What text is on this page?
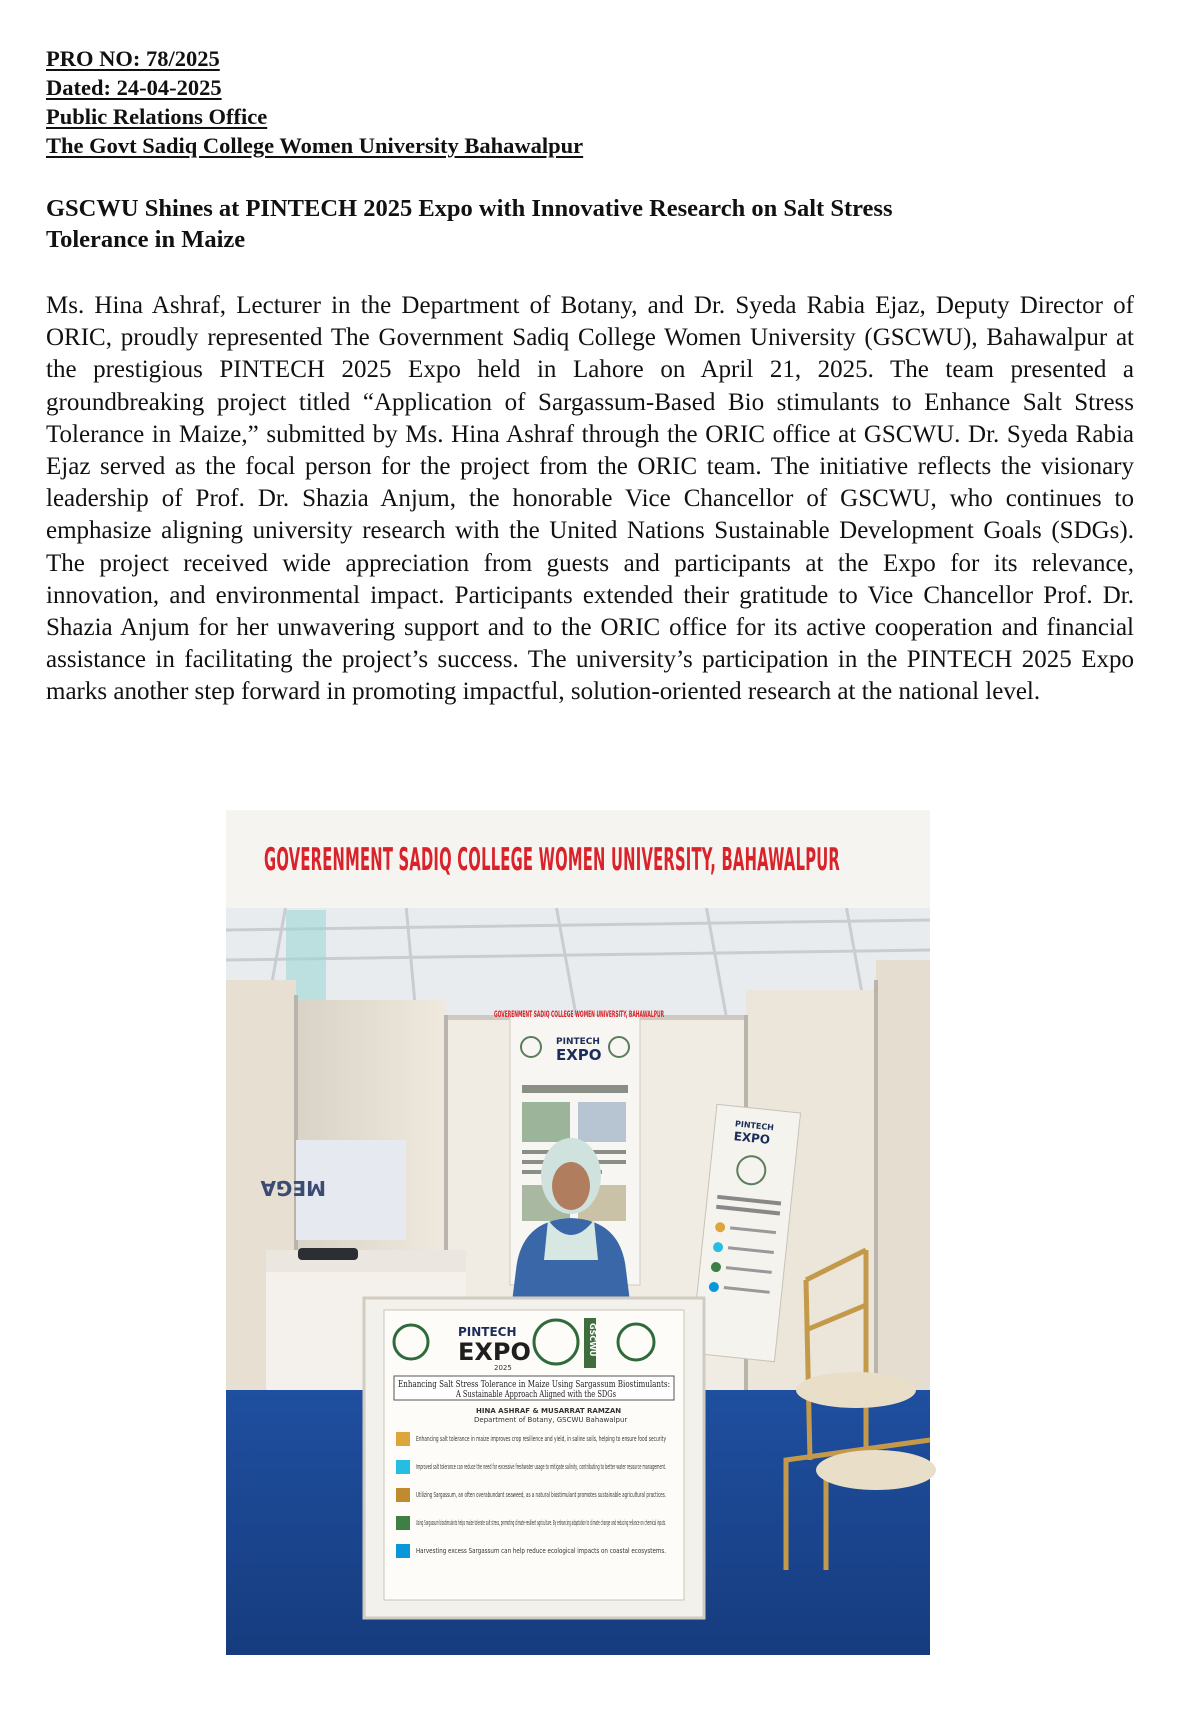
PRO NO: 78/2025
Dated: 24-04-2025
Public Relations Office
The Govt Sadiq College Women University Bahawalpur
GSCWU Shines at PINTECH 2025 Expo with Innovative Research on Salt Stress
Tolerance in Maize
Ms. Hina Ashraf, Lecturer in the Department of Botany, and Dr. Syeda Rabia Ejaz, Deputy Director of ORIC, proudly represented The Government Sadiq College Women University (GSCWU), Bahawalpur at the prestigious PINTECH 2025 Expo held in Lahore on April 21, 2025. The team presented a groundbreaking project titled “Application of Sargassum-Based Bio stimulants to Enhance Salt Stress Tolerance in Maize,” submitted by Ms. Hina Ashraf through the ORIC office at GSCWU. Dr. Syeda Rabia Ejaz served as the focal person for the project from the ORIC team. The initiative reflects the visionary leadership of Prof. Dr. Shazia Anjum, the honorable Vice Chancellor of GSCWU, who continues to emphasize aligning university research with the United Nations Sustainable Development Goals (SDGs). The project received wide appreciation from guests and participants at the Expo for its relevance, innovation, and environmental impact. Participants extended their gratitude to Vice Chancellor Prof. Dr. Shazia Anjum for her unwavering support and to the ORIC office for its active cooperation and financial assistance in facilitating the project’s success. The university’s participation in the PINTECH 2025 Expo marks another step forward in promoting impactful, solution-oriented research at the national level.
GOVERENMENT SADIQ COLLEGE WOMEN UNIVERSITY, BAHAWALPUR
GOVERENMENT SADIQ COLLEGE WOMEN UNIVERSITY, BAHAWALPUR
PINTECH
EXPO
PINTECH
EXPO
MEGA
PINTECH
EXPO
2025
GSCWU
Enhancing Salt Stress Tolerance in Maize Using Sargassum Biostimulants:
A Sustainable Approach Aligned with the SDGs
HINA ASHRAF & MUSARRAT RAMZAN
Department of Botany, GSCWU Bahawalpur
Enhancing salt tolerance in maize improves crop resilience and yield, in saline soils, helping to ensure food security
Improved salt tolerance can reduce the need for excessive freshwater usage to mitigate salinity, contributing to better water resource management.
Utilizing Sargassum, an often overabundant seaweed, as a natural biostimulant promotes sustainable agricultural practices.
Using Sargassum biostimulants helps maize tolerate salt stress, promoting climate-resilient agriculture. By enhancing adaptation to climate change and reducing reliance on chemical inputs.
Harvesting excess Sargassum can help reduce ecological impacts on coastal ecosystems.
